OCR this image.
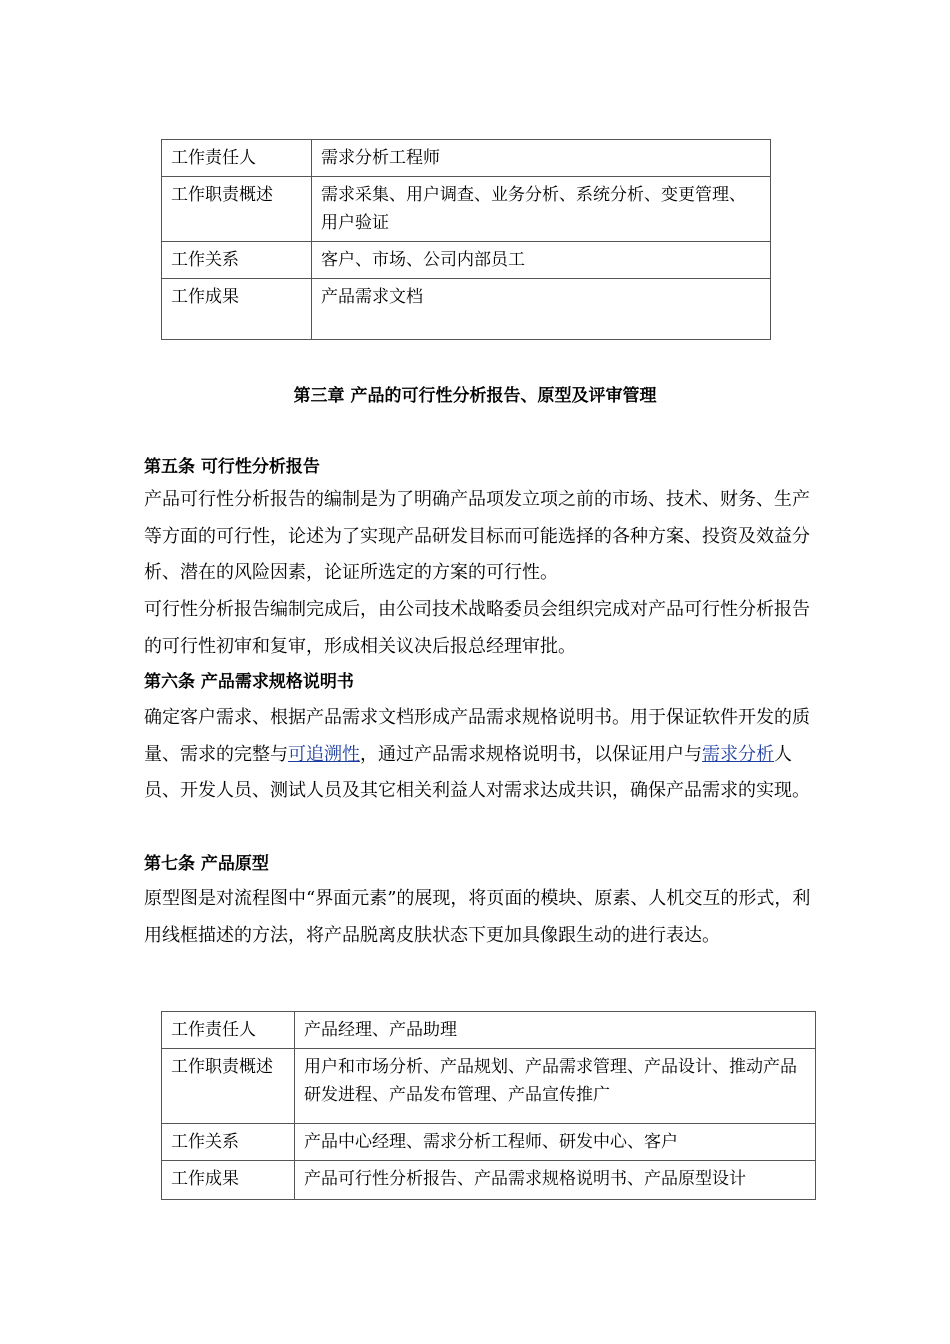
工作责任人	需求分析工程师
工作职责概述	需求采集、用户调查、业务分析、系统分析、变更管理、用户验证
工作关系	客户、市场、公司内部员工
工作成果	产品需求文档
第三章 产品的可行性分析报告、原型及评审管理
第五条 可行性分析报告
产品可行性分析报告的编制是为了明确产品项发立项之前的市场、技术、财务、生产等方面的可行性，论述为了实现产品研发目标而可能选择的各种方案、投资及效益分析、潜在的风险因素，论证所选定的方案的可行性。
可行性分析报告编制完成后，由公司技术战略委员会组织完成对产品可行性分析报告的可行性初审和复审，形成相关议决后报总经理审批。
第六条 产品需求规格说明书
确定客户需求、根据产品需求文档形成产品需求规格说明书。用于保证软件开发的质量、需求的完整与可追溯性，通过产品需求规格说明书，以保证用户与需求分析人员、开发人员、测试人员及其它相关利益人对需求达成共识，确保产品需求的实现。
第七条 产品原型
原型图是对流程图中“界面元素”的展现，将页面的模块、原素、人机交互的形式，利用线框描述的方法，将产品脱离皮肤状态下更加具像跟生动的进行表达。
工作责任人	产品经理、产品助理
工作职责概述	用户和市场分析、产品规划、产品需求管理、产品设计、推动产品研发进程、产品发布管理、产品宣传推广
工作关系	产品中心经理、需求分析工程师、研发中心、客户
工作成果	产品可行性分析报告、产品需求规格说明书、产品原型设计
